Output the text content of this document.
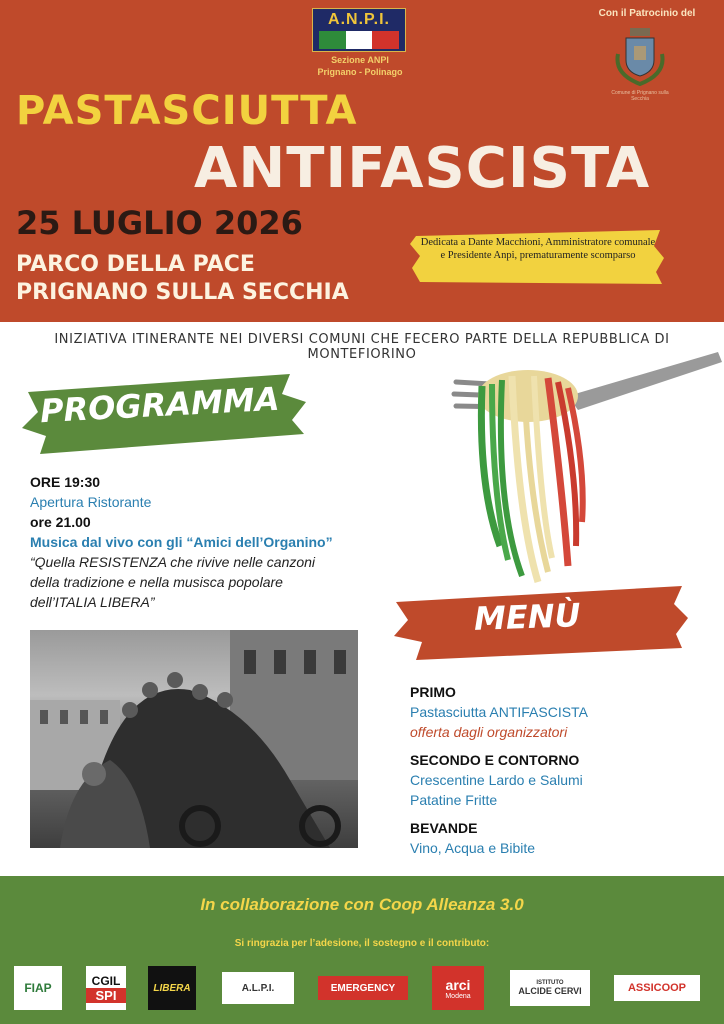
A.N.P.I.
Sezione ANPI
Prignano - Polinago
Con il Patrocinio del
Comune di Prignano sulla Secchia
PASTASCIUTTA
ANTIFASCISTA
25 LUGLIO 2026
PARCO DELLA PACE
PRIGNANO SULLA SECCHIA
Dedicata a Dante Macchioni, Amministratore comunale e Presidente Anpi, prematuramente scomparso
INIZIATIVA ITINERANTE NEI DIVERSI COMUNI CHE FECERO PARTE DELLA REPUBBLICA DI MONTEFIORINO
PROGRAMMA
ORE 19:30
Apertura Ristorante
ore 21.00
Musica dal vivo con gli “Amici dell’Organino”
“Quella RESISTENZA che rivive nelle canzoni
della tradizione e nella musisca popolare
dell’ITALIA LIBERA”	MENÙ
PRIMO
Pastasciutta ANTIFASCISTA
offerta dagli organizzatori
SECONDO E CONTORNO
Crescentine Lardo e Salumi
Patatine Fritte
BEVANDE
Vino, Acqua e Bibite
In collaborazione con Coop Alleanza 3.0
Si ringrazia per l’adesione, il sostegno e il contributo:
FIAP
CGIL
SPI	LIBERA	A.L.P.I.	EMERGENCY	arci
Modena
ISTITUTO
ALCIDE CERVI	ASSICOOP
